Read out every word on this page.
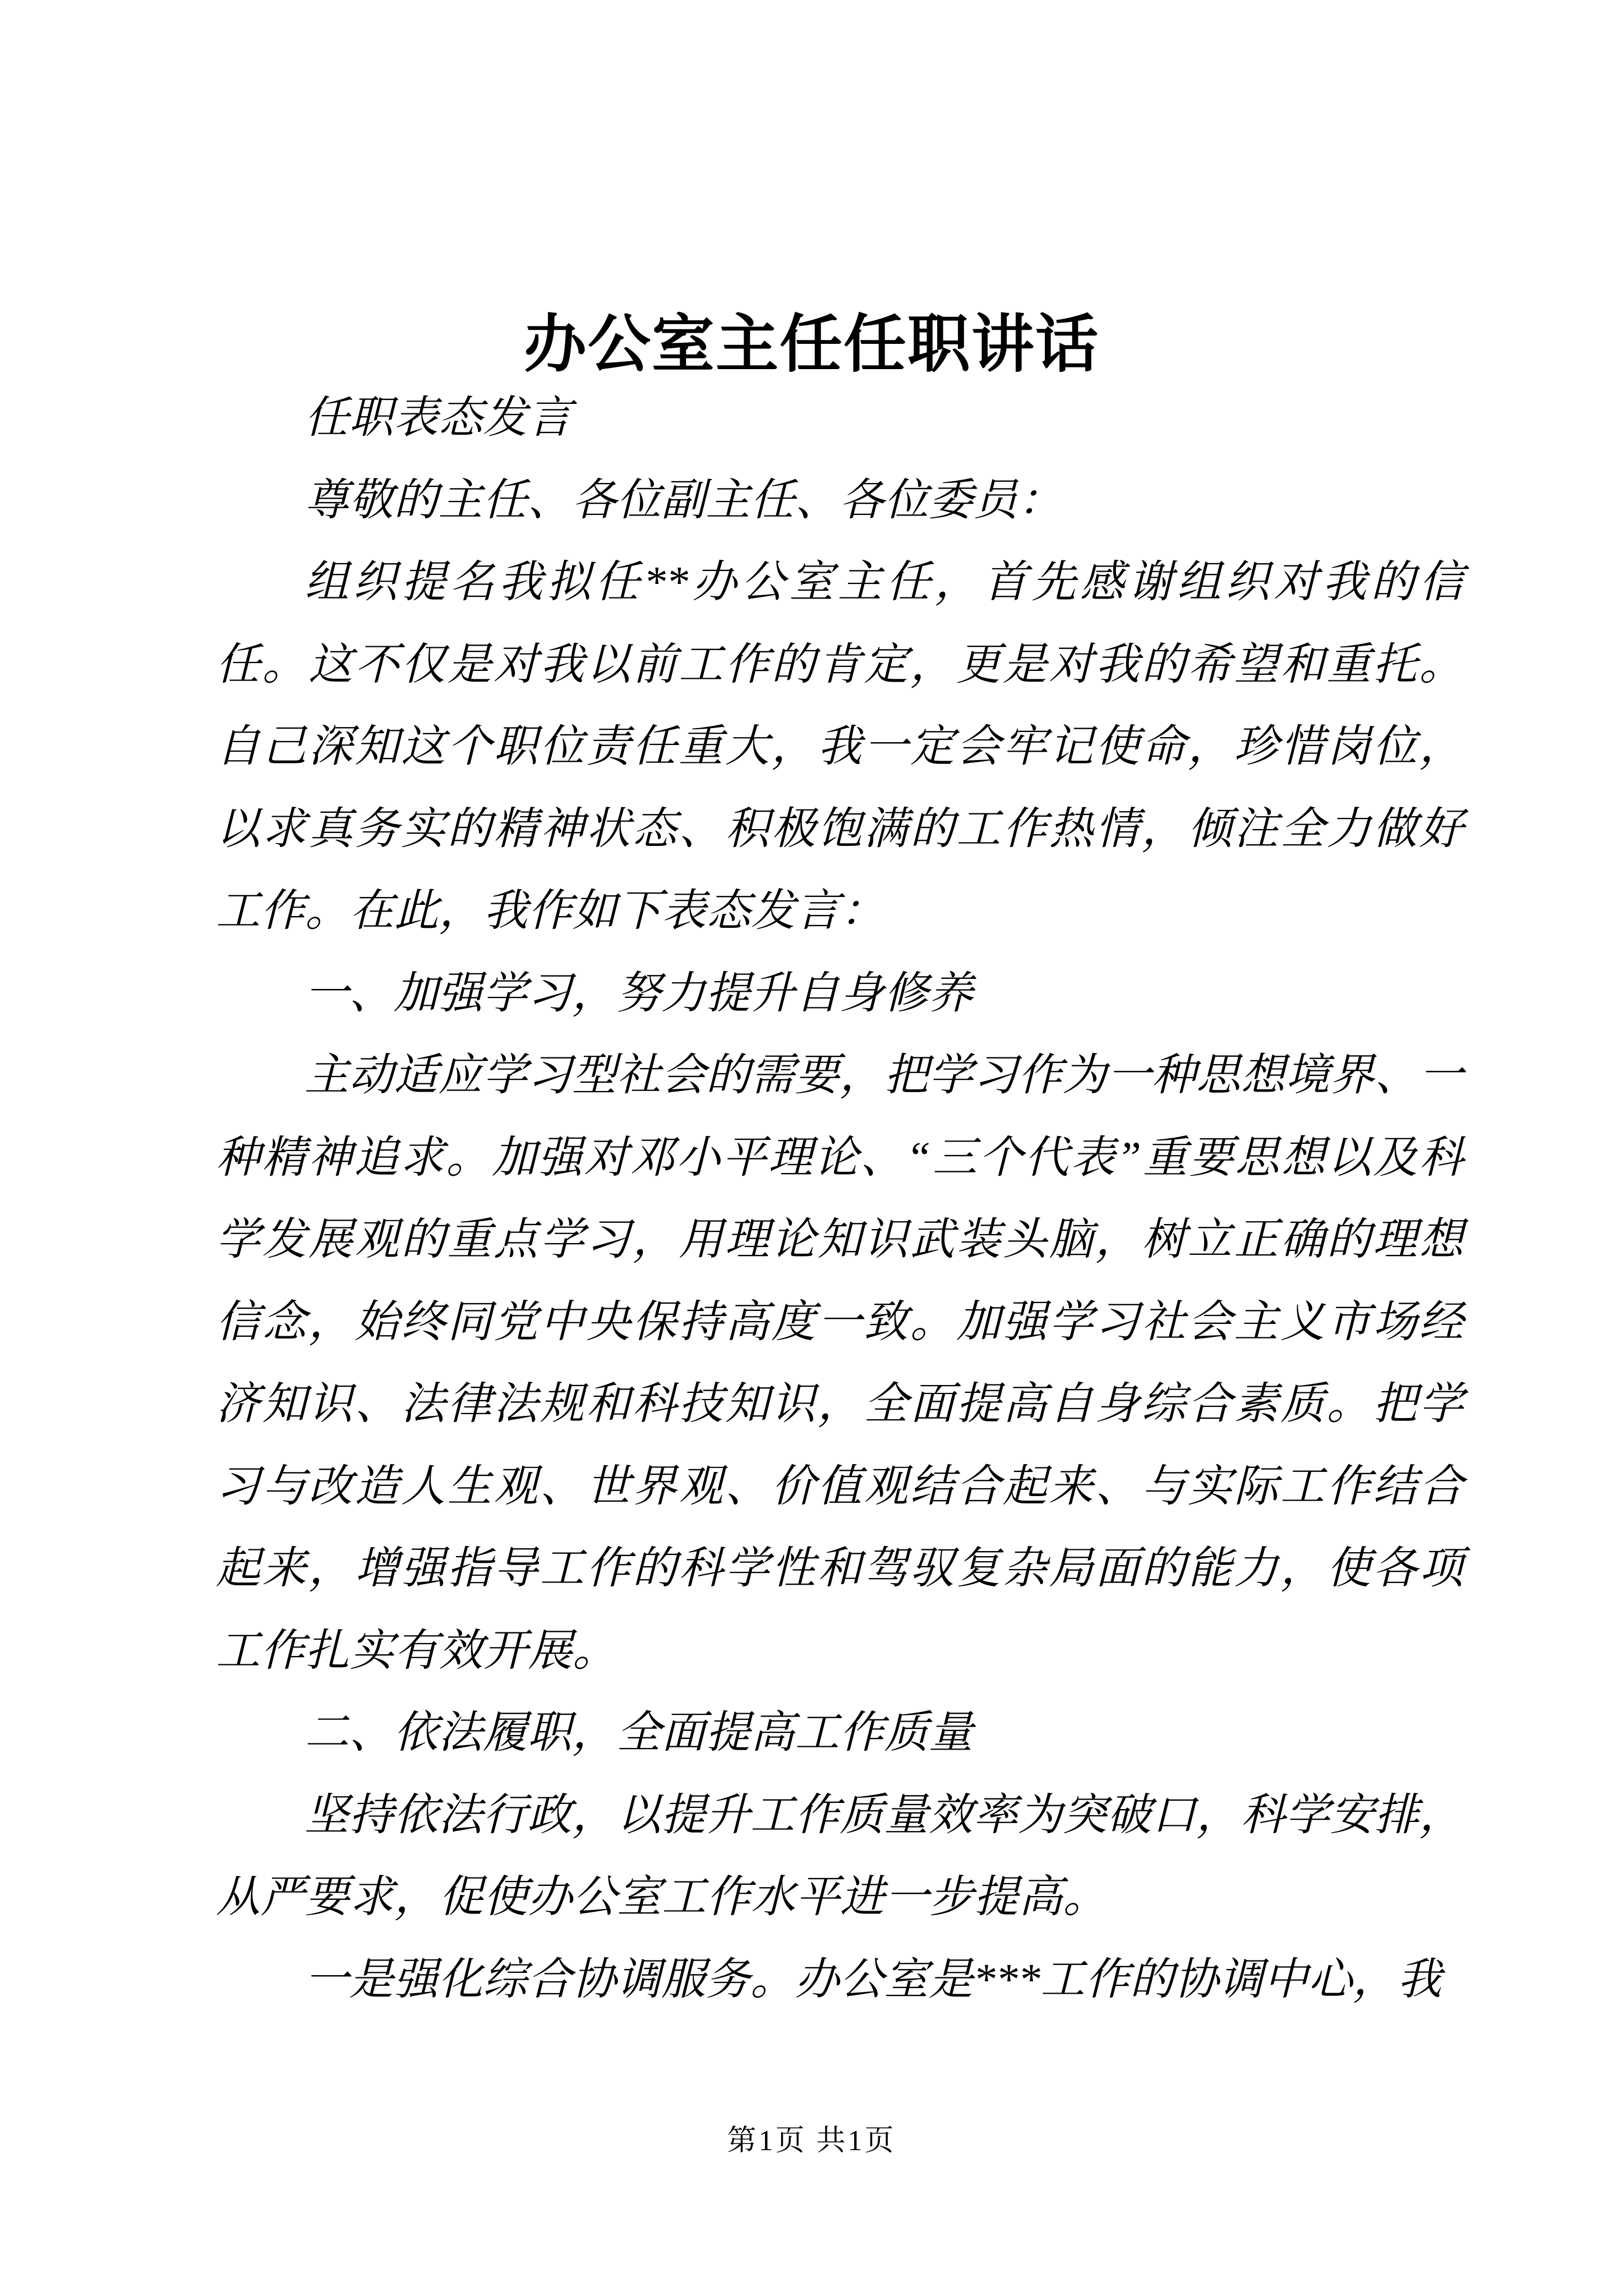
办公室主任任职讲话

任职表态发言

尊敬的主任、各位副主任、各位委员：

组织提名我拟任**办公室主任，首先感谢组织对我的信任。这不仅是对我以前工作的肯定，更是对我的希望和重托。自己深知这个职位责任重大，我一定会牢记使命，珍惜岗位，以求真务实的精神状态、积极饱满的工作热情，倾注全力做好工作。在此，我作如下表态发言：

一、加强学习，努力提升自身修养

主动适应学习型社会的需要，把学习作为一种思想境界、一种精神追求。加强对邓小平理论、“三个代表”重要思想以及科学发展观的重点学习，用理论知识武装头脑，树立正确的理想信念，始终同党中央保持高度一致。加强学习社会主义市场经济知识、法律法规和科技知识，全面提高自身综合素质。把学习与改造人生观、世界观、价值观结合起来、与实际工作结合起来，增强指导工作的科学性和驾驭复杂局面的能力，使各项工作扎实有效开展。

二、依法履职，全面提高工作质量

坚持依法行政，以提升工作质量效率为突破口，科学安排，从严要求，促使办公室工作水平进一步提高。

一是强化综合协调服务。办公室是***工作的协调中心，我

第1页 共1页
